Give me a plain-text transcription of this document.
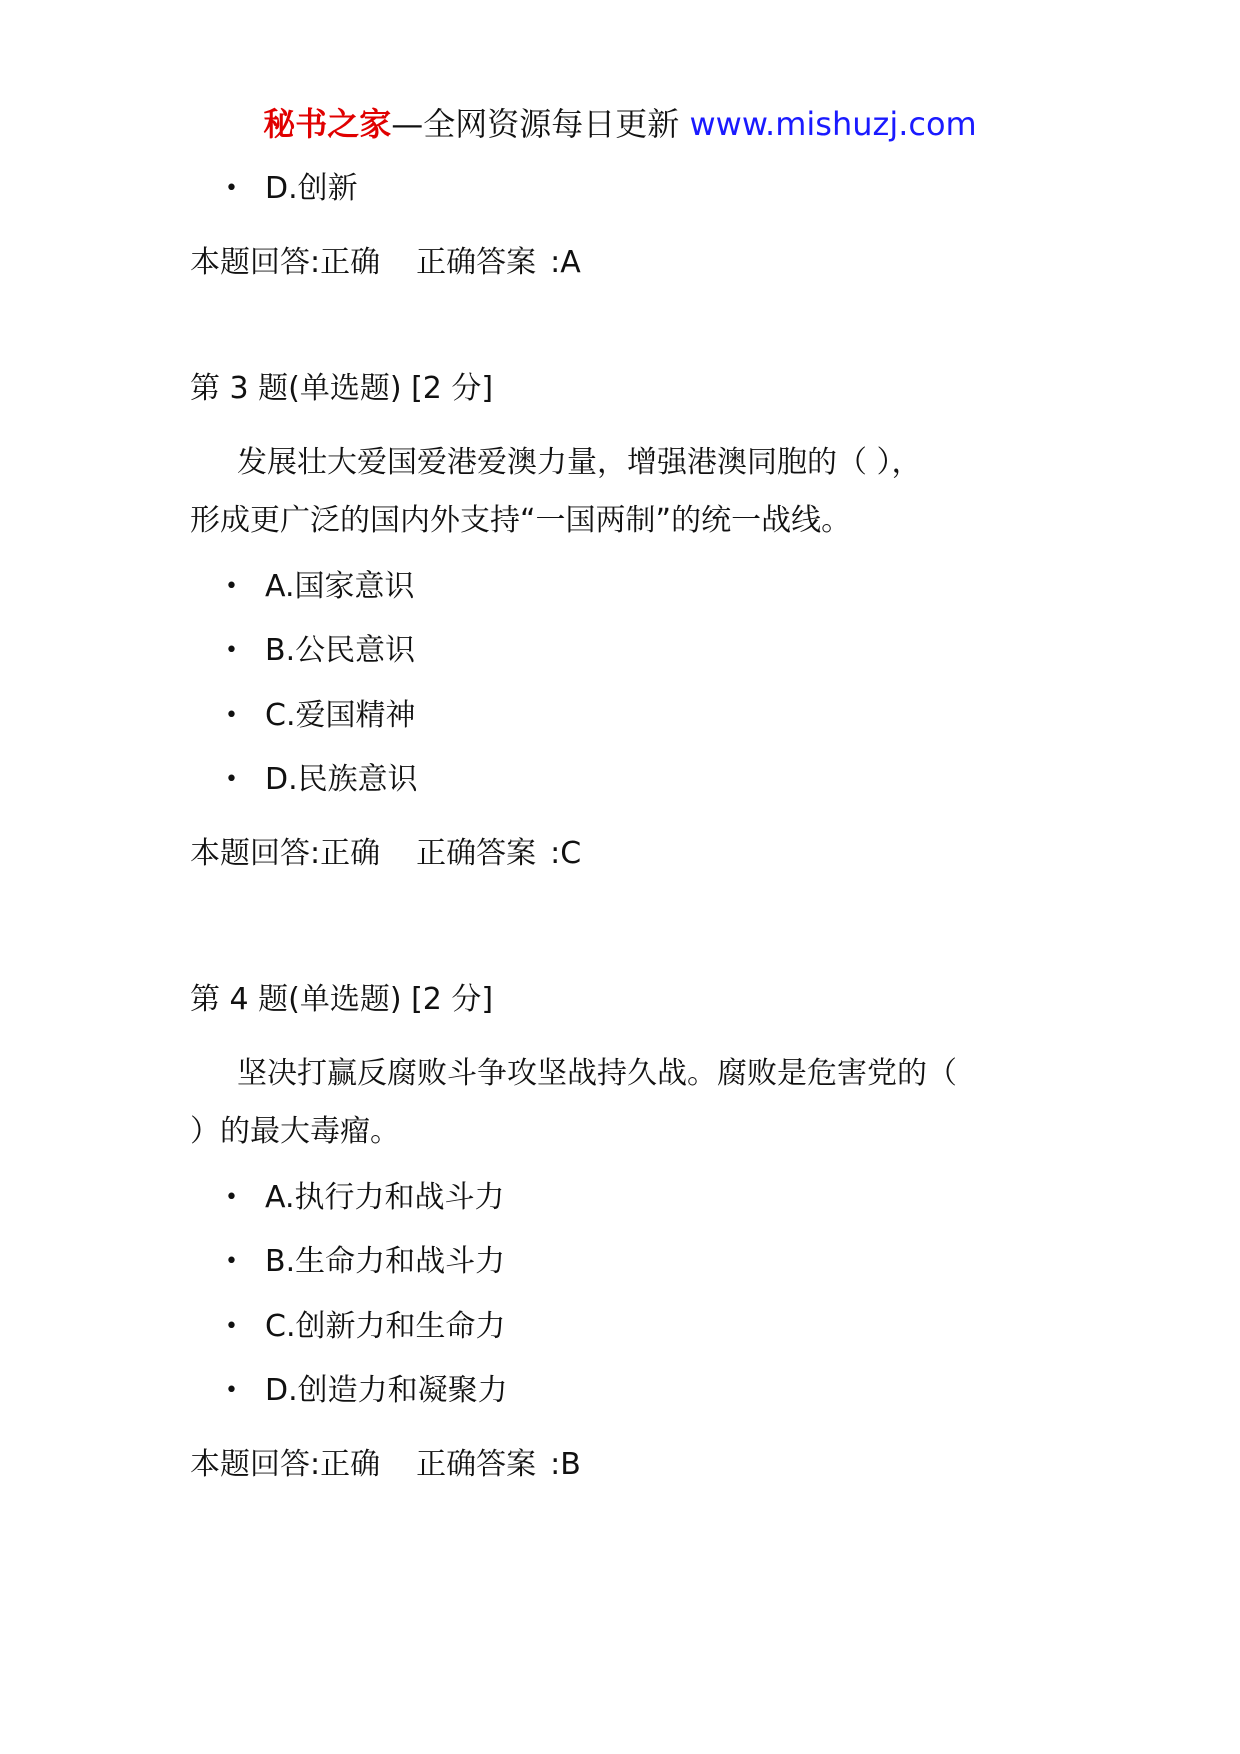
秘书之家—全网资源每日更新 www.mishuzj.com
•D.创新
本题回答:正确 正确答案 :A
第 3 题(单选题) [2 分]
发展壮大爱国爱港爱澳力量，增强港澳同胞的（ ），
形成更广泛的国内外支持“一国两制”的统一战线。
•A.国家意识
•B.公民意识
•C.爱国精神
•D.民族意识
本题回答:正确 正确答案 :C
第 4 题(单选题) [2 分]
坚决打赢反腐败斗争攻坚战持久战。腐败是危害党的（
）的最大毒瘤。
•A.执行力和战斗力
•B.生命力和战斗力
•C.创新力和生命力
•D.创造力和凝聚力
本题回答:正确 正确答案 :B
